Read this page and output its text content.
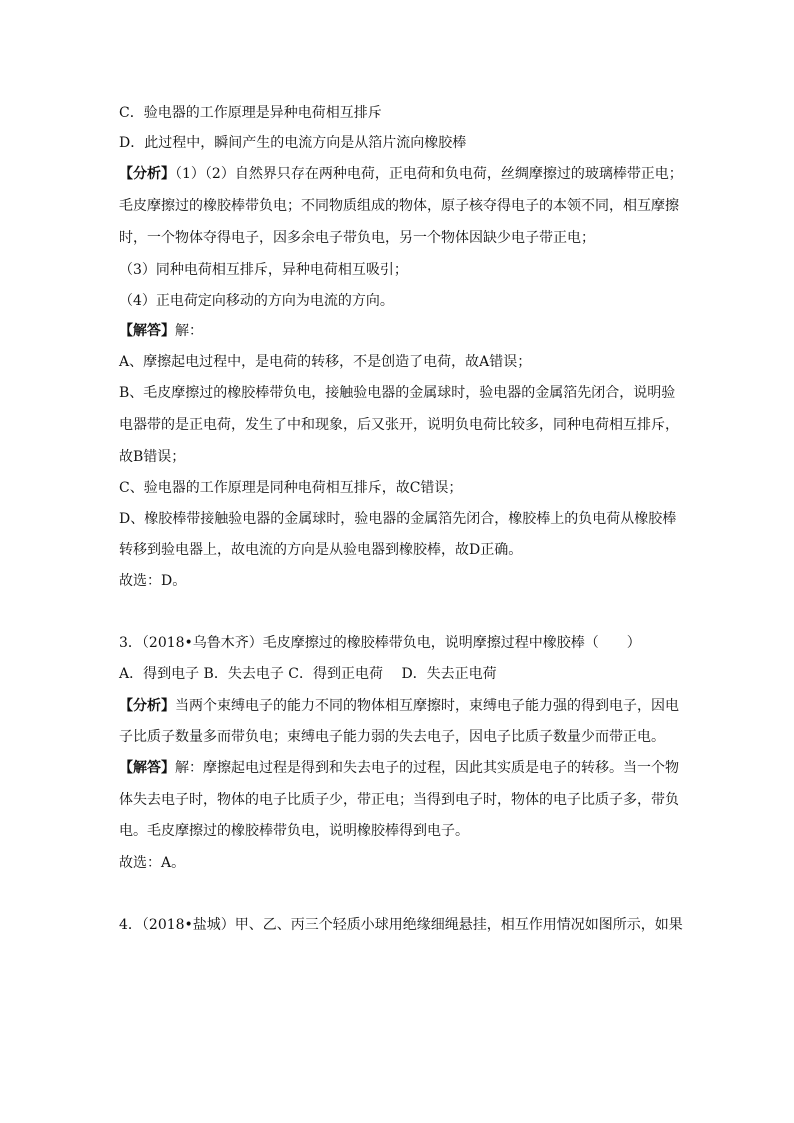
C．验电器的工作原理是异种电荷相互排斥
D．此过程中，瞬间产生的电流方向是从箔片流向橡胶棒
【分析】（1）（2）自然界只存在两种电荷，正电荷和负电荷，丝绸摩擦过的玻璃棒带正电；
毛皮摩擦过的橡胶棒带负电；不同物质组成的物体，原子核夺得电子的本领不同，相互摩擦
时，一个物体夺得电子，因多余电子带负电，另一个物体因缺少电子带正电；
（3）同种电荷相互排斥，异种电荷相互吸引；
（4）正电荷定向移动的方向为电流的方向。
【解答】解：
A、摩擦起电过程中，是电荷的转移，不是创造了电荷，故A错误；
B、毛皮摩擦过的橡胶棒带负电，接触验电器的金属球时，验电器的金属箔先闭合，说明验
电器带的是正电荷，发生了中和现象，后又张开，说明负电荷比较多，同种电荷相互排斥，
故B错误；
C、验电器的工作原理是同种电荷相互排斥，故C错误；
D、橡胶棒带接触验电器的金属球时，验电器的金属箔先闭合，橡胶棒上的负电荷从橡胶棒
转移到验电器上，故电流的方向是从验电器到橡胶棒，故D正确。
故选：D。
3．（2018•乌鲁木齐）毛皮摩擦过的橡胶棒带负电，说明摩擦过程中橡胶棒（　　）
A．得到电子 B．失去电子 C．得到正电荷　 D．失去正电荷
【分析】当两个束缚电子的能力不同的物体相互摩擦时，束缚电子能力强的得到电子，因电
子比质子数量多而带负电；束缚电子能力弱的失去电子，因电子比质子数量少而带正电。
【解答】解：摩擦起电过程是得到和失去电子的过程，因此其实质是电子的转移。当一个物
体失去电子时，物体的电子比质子少，带正电；当得到电子时，物体的电子比质子多，带负
电。毛皮摩擦过的橡胶棒带负电，说明橡胶棒得到电子。
故选：A。
4．（2018•盐城）甲、乙、丙三个轻质小球用绝缘细绳悬挂，相互作用情况如图所示，如果
